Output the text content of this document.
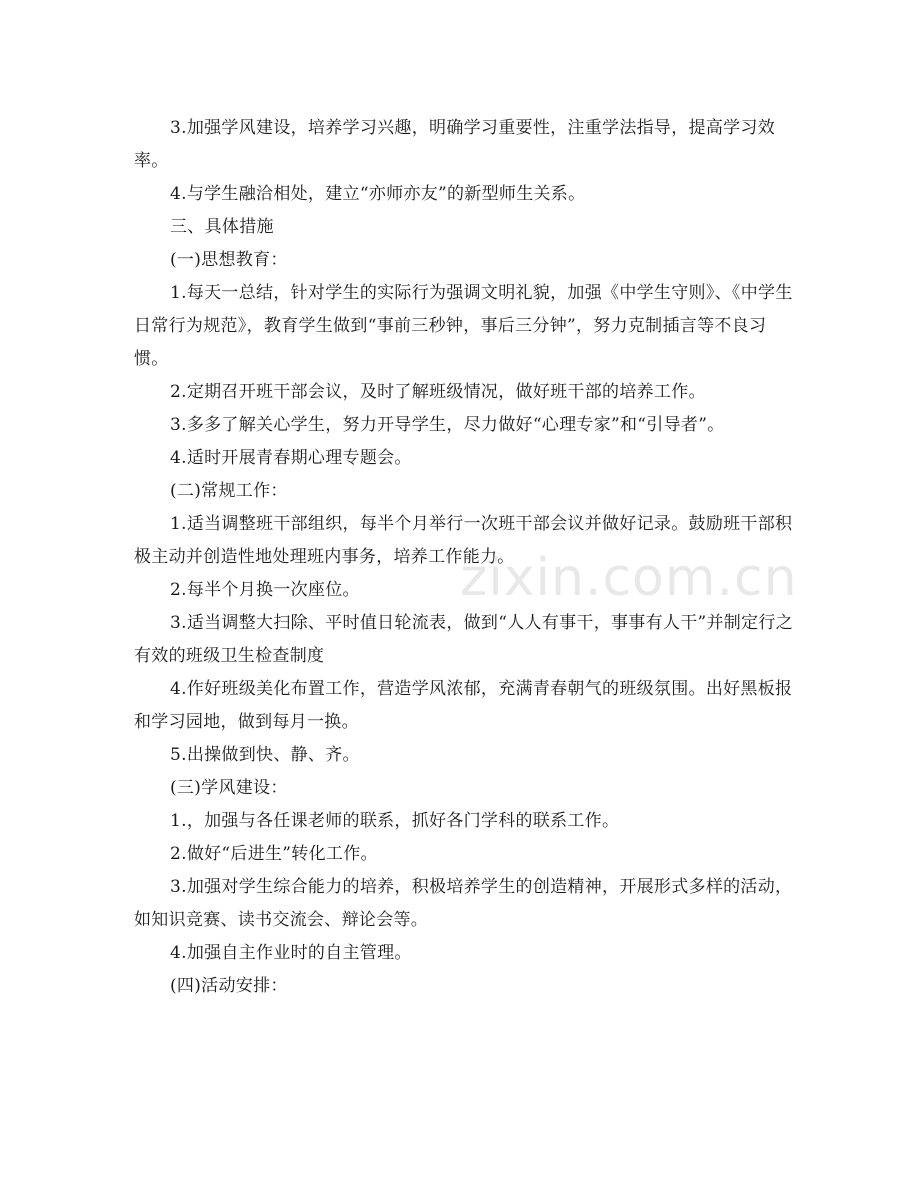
3.加强学风建设，培养学习兴趣，明确学习重要性，注重学法指导，提高学习效率。

4.与学生融洽相处，建立“亦师亦友”的新型师生关系。

三、具体措施

(一)思想教育：

1.每天一总结，针对学生的实际行为强调文明礼貌，加强《中学生守则》、《中学生日常行为规范》，教育学生做到“事前三秒钟，事后三分钟”，努力克制插言等不良习惯。

2.定期召开班干部会议，及时了解班级情况，做好班干部的培养工作。

3.多多了解关心学生，努力开导学生，尽力做好“心理专家”和“引导者”。

4.适时开展青春期心理专题会。

(二)常规工作：

1.适当调整班干部组织，每半个月举行一次班干部会议并做好记录。鼓励班干部积极主动并创造性地处理班内事务，培养工作能力。

2.每半个月换一次座位。

3.适当调整大扫除、平时值日轮流表，做到“人人有事干，事事有人干”并制定行之有效的班级卫生检查制度

4.作好班级美化布置工作，营造学风浓郁，充满青春朝气的班级氛围。出好黑板报和学习园地，做到每月一换。

5.出操做到快、静、齐。

(三)学风建设：

1.，加强与各任课老师的联系，抓好各门学科的联系工作。

2.做好“后进生”转化工作。

3.加强对学生综合能力的培养，积极培养学生的创造精神，开展形式多样的活动，如知识竞赛、读书交流会、辩论会等。

4.加强自主作业时的自主管理。

(四)活动安排：

zixin.com.cn
